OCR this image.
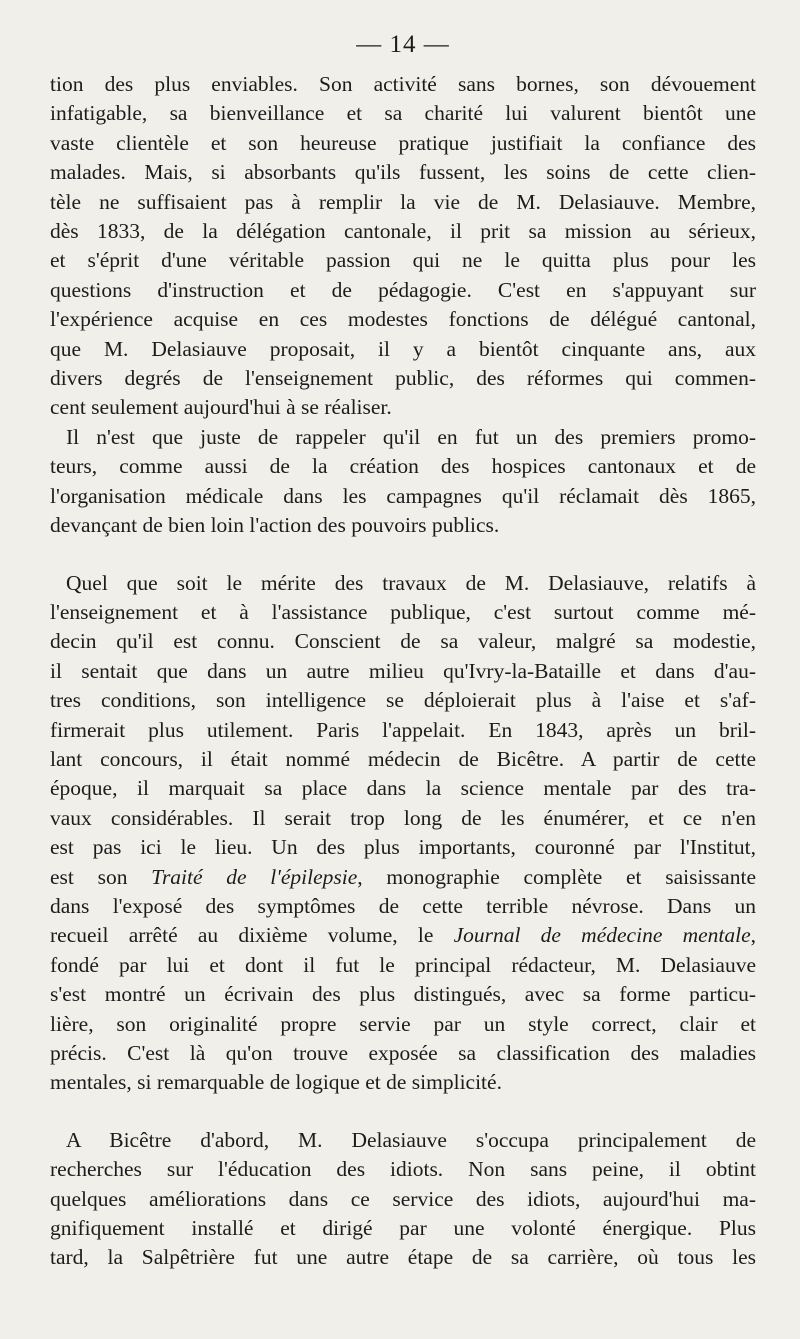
— 14 —

tion des plus enviables. Son activité sans bornes, son dévouement
infatigable, sa bienveillance et sa charité lui valurent bientôt une
vaste clientèle et son heureuse pratique justifiait la confiance des
malades. Mais, si absorbants qu'ils fussent, les soins de cette clien-
tèle ne suffisaient pas à remplir la vie de M. Delasiauve. Membre,
dès 1833, de la délégation cantonale, il prit sa mission au sérieux,
et s'éprit d'une véritable passion qui ne le quitta plus pour les
questions d'instruction et de pédagogie. C'est en s'appuyant sur
l'expérience acquise en ces modestes fonctions de délégué cantonal,
que M. Delasiauve proposait, il y a bientôt cinquante ans, aux
divers degrés de l'enseignement public, des réformes qui commen-
cent seulement aujourd'hui à se réaliser.

Il n'est que juste de rappeler qu'il en fut un des premiers promo-
teurs, comme aussi de la création des hospices cantonaux et de
l'organisation médicale dans les campagnes qu'il réclamait dès 1865,
devançant de bien loin l'action des pouvoirs publics.

Quel que soit le mérite des travaux de M. Delasiauve, relatifs à
l'enseignement et à l'assistance publique, c'est surtout comme mé-
decin qu'il est connu. Conscient de sa valeur, malgré sa modestie,
il sentait que dans un autre milieu qu'Ivry-la-Bataille et dans d'au-
tres conditions, son intelligence se déploierait plus à l'aise et s'af-
firmerait plus utilement. Paris l'appelait. En 1843, après un bril-
lant concours, il était nommé médecin de Bicêtre. A partir de cette
époque, il marquait sa place dans la science mentale par des tra-
vaux considérables. Il serait trop long de les énumérer, et ce n'en
est pas ici le lieu. Un des plus importants, couronné par l'Institut,
est son Traité de l'épilepsie, monographie complète et saisissante
dans l'exposé des symptômes de cette terrible névrose. Dans un
recueil arrêté au dixième volume, le Journal de médecine mentale,
fondé par lui et dont il fut le principal rédacteur, M. Delasiauve
s'est montré un écrivain des plus distingués, avec sa forme particu-
lière, son originalité propre servie par un style correct, clair et
précis. C'est là qu'on trouve exposée sa classification des maladies
mentales, si remarquable de logique et de simplicité.

A Bicêtre d'abord, M. Delasiauve s'occupa principalement de
recherches sur l'éducation des idiots. Non sans peine, il obtint
quelques améliorations dans ce service des idiots, aujourd'hui ma-
gnifiquement installé et dirigé par une volonté énergique. Plus
tard, la Salpêtrière fut une autre étape de sa carrière, où tous les
